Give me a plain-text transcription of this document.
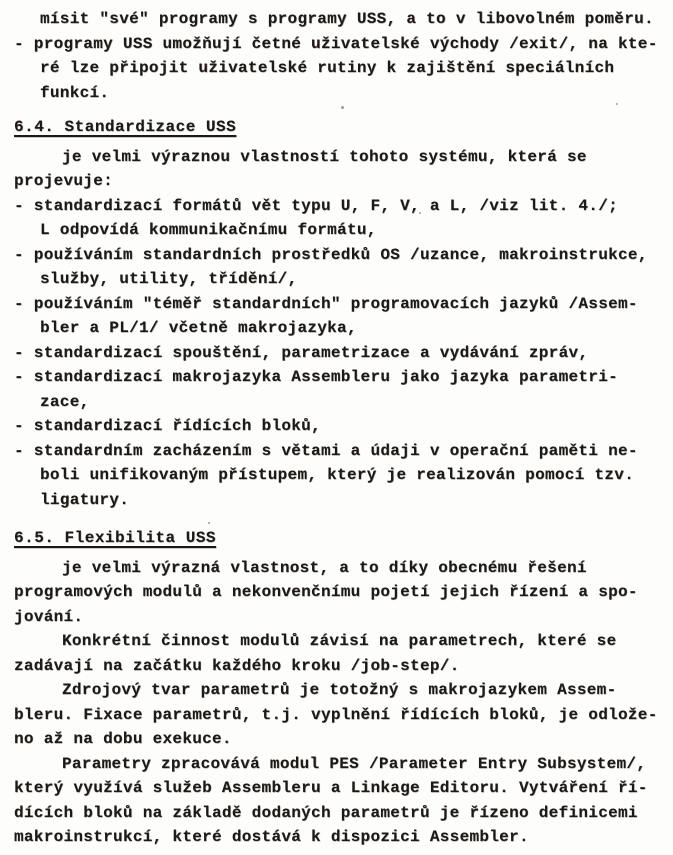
mísit "své" programy s programy USS, a to v libovolném poměru.
- programy USS umožňují četné uživatelské východy /exit/, na kte-
ré lze připojit uživatelské rutiny k zajištění speciálních
funkcí.
6.4. Standardizace USS
je velmi výraznou vlastností tohoto systému, která se
projevuje:
- standardizací formátů vět typu U, F, V, a L, /viz lit. 4./;
L odpovídá kommunikačnímu formátu,
- používáním standardních prostředků OS /uzance, makroinstrukce,
služby, utility, třídění/,
- používáním "téměř standardních" programovacích jazyků /Assem-
bler a PL/1/ včetně makrojazyka,
- standardizací spouštění, parametrizace a vydávání zpráv,
- standardizací makrojazyka Assembleru jako jazyka parametri-
zace,
- standardizací řídících bloků,
- standardním zacházením s větami a údaji v operační paměti ne-
boli unifikovaným přístupem, který je realizován pomocí tzv.
ligatury.
6.5. Flexibilita USS
je velmi výrazná vlastnost, a to díky obecnému řešení
programových modulů a nekonvenčnímu pojetí jejich řízení a spo-
jování.
Konkrétní činnost modulů závisí na parametrech, které se
zadávají na začátku každého kroku /job-step/.
Zdrojový tvar parametrů je totožný s makrojazykem Assem-
bleru. Fixace parametrů, t.j. vyplnění řídících bloků, je odlože-
no až na dobu exekuce.
Parametry zpracovává modul PES /Parameter Entry Subsystem/,
který využívá služeb Assembleru a Linkage Editoru. Vytváření ří-
dících bloků na základě dodaných parametrů je řízeno definicemi
makroinstrukcí, které dostává k dispozici Assembler.
